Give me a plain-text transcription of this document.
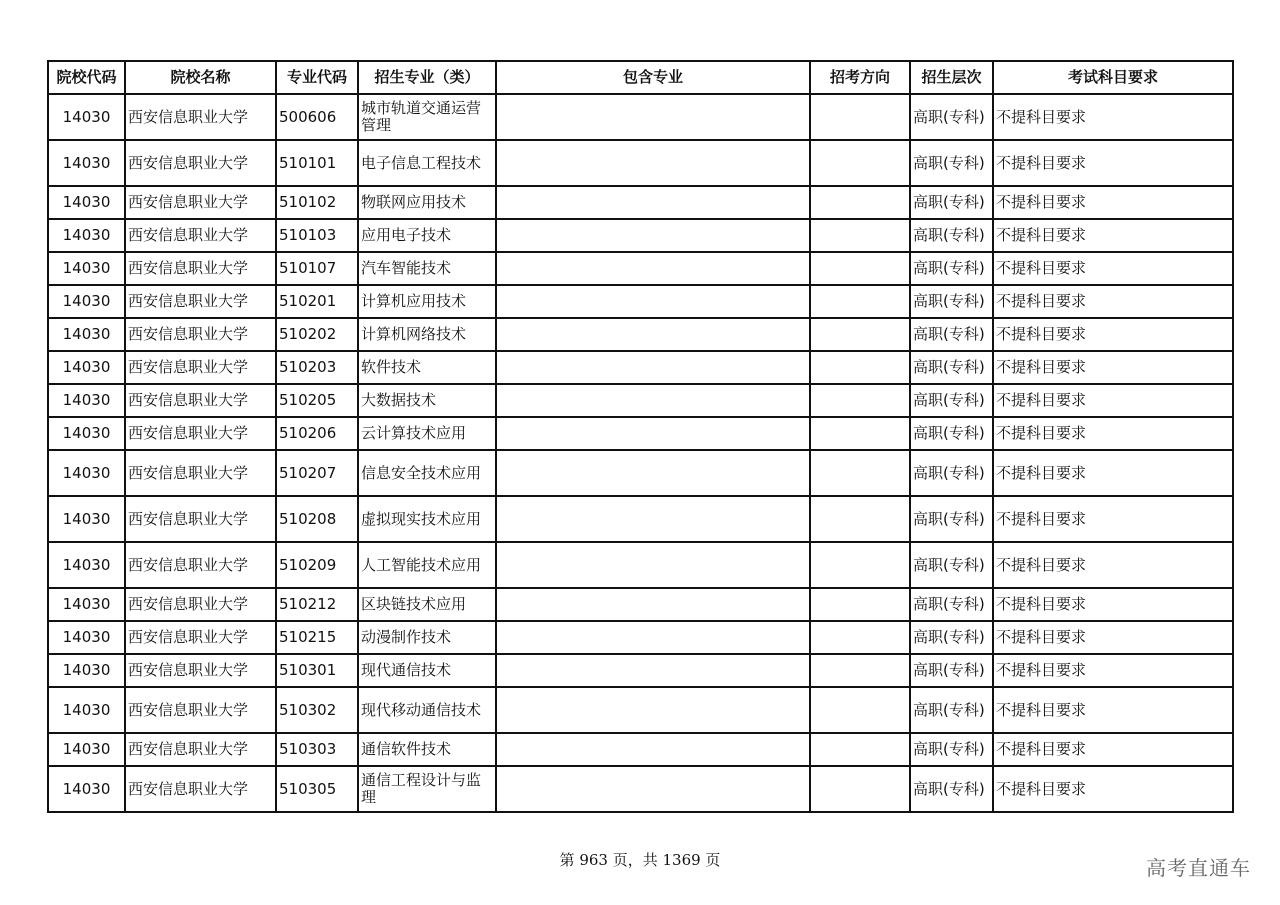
院校代码	院校名称	专业代码	招生专业（类）	包含专业	招考方向	招生层次	考试科目要求
14030	西安信息职业大学	500606	城市轨道交通运营管理			高职(专科)	不提科目要求
14030	西安信息职业大学	510101	电子信息工程技术			高职(专科)	不提科目要求
14030	西安信息职业大学	510102	物联网应用技术			高职(专科)	不提科目要求
14030	西安信息职业大学	510103	应用电子技术			高职(专科)	不提科目要求
14030	西安信息职业大学	510107	汽车智能技术			高职(专科)	不提科目要求
14030	西安信息职业大学	510201	计算机应用技术			高职(专科)	不提科目要求
14030	西安信息职业大学	510202	计算机网络技术			高职(专科)	不提科目要求
14030	西安信息职业大学	510203	软件技术			高职(专科)	不提科目要求
14030	西安信息职业大学	510205	大数据技术			高职(专科)	不提科目要求
14030	西安信息职业大学	510206	云计算技术应用			高职(专科)	不提科目要求
14030	西安信息职业大学	510207	信息安全技术应用			高职(专科)	不提科目要求
14030	西安信息职业大学	510208	虚拟现实技术应用			高职(专科)	不提科目要求
14030	西安信息职业大学	510209	人工智能技术应用			高职(专科)	不提科目要求
14030	西安信息职业大学	510212	区块链技术应用			高职(专科)	不提科目要求
14030	西安信息职业大学	510215	动漫制作技术			高职(专科)	不提科目要求
14030	西安信息职业大学	510301	现代通信技术			高职(专科)	不提科目要求
14030	西安信息职业大学	510302	现代移动通信技术			高职(专科)	不提科目要求
14030	西安信息职业大学	510303	通信软件技术			高职(专科)	不提科目要求
14030	西安信息职业大学	510305	通信工程设计与监理			高职(专科)	不提科目要求
第 963 页，共 1369 页	高考直通车
